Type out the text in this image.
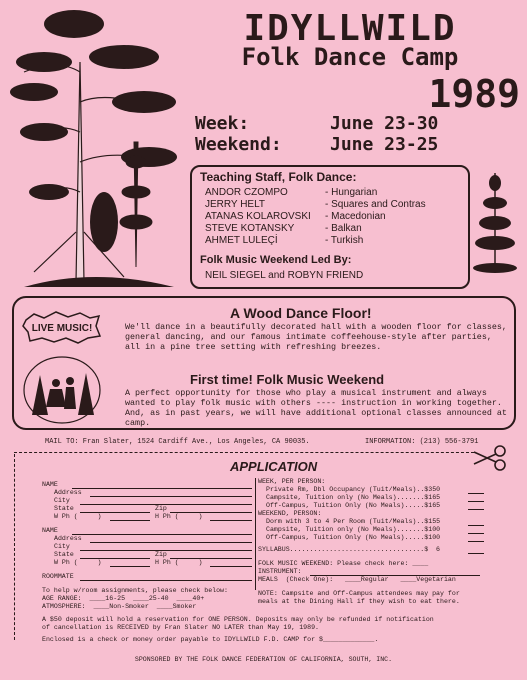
IDYLLWILD
Folk Dance Camp
1989
Week:	June 23-30
Weekend:	June 23-25
Teaching Staff, Folk Dance:
ANDOR CZOMPO	- Hungarian
JERRY HELT	- Squares and Contras
ATANAS KOLAROVSKI - Macedonian
STEVE KOTANSKY	- Balkan
AHMET LULEÇİ	- Turkish
Folk Music Weekend Led By:
NEIL SIEGEL and ROBYN FRIEND
LIVE MUSIC!
A Wood Dance Floor!
We'll dance in a beautifully decorated hall with a wooden floor for classes, general dancing, and our famous intimate coffeehouse-style after parties, all in a pine tree setting with refreshing breezes.
First time! Folk Music Weekend
A perfect opportunity for those who play a musical instrument and always wanted to play folk music with others ---- instruction in working together. And, as in past years, we will have additional optional classes announced at camp.
MAIL TO: Fran Slater, 1524 Cardiff Ave., Los Angeles, CA 90035.	INFORMATION: (213) 556-3791
APPLICATION
NAME
Address
City
State	Zip
W Ph (     )	H Ph (     )
NAME
Address
City
State	Zip
W Ph (     )	H Ph (     )
ROOMMATE
To help w/room assignments, please check below:
AGE RANGE:  ____16-25  ____25-40  ____40+
ATMOSPHERE:  ____Non-Smoker  ____Smoker
WEEK, PER PERSON:
Private Rm, Dbl Occupancy (Tuit/Meals)..$350
Campsite, Tuition only (No Meals).......$165
Off-Campus, Tuition Only (No Meals).....$165
WEEKEND, PERSON:
Dorm with 3 to 4 Per Room (Tuit/Meals)..$155
Campsite, Tuition only (No Meals).......$100
Off-Campus, Tuition Only (No Meals).....$100
SYLLABUS..................................$  6
FOLK MUSIC WEEKEND: Please check here: ____
INSTRUMENT:
MEALS  (Check One):   ____Regular   ____Vegetarian
NOTE: Campsite and Off-Campus attendees may pay for
meals at the Dining Hall if they wish to eat there.
A $50 deposit will hold a reservation for ONE PERSON. Deposits may only be refunded if notification
of cancellation is RECEIVED by Fran Slater NO LATER than May 19, 1989.
Enclosed is a check or money order payable to IDYLLWILD F.D. CAMP for $_____________.
SPONSORED BY THE FOLK DANCE FEDERATION OF CALIFORNIA, SOUTH, INC.
